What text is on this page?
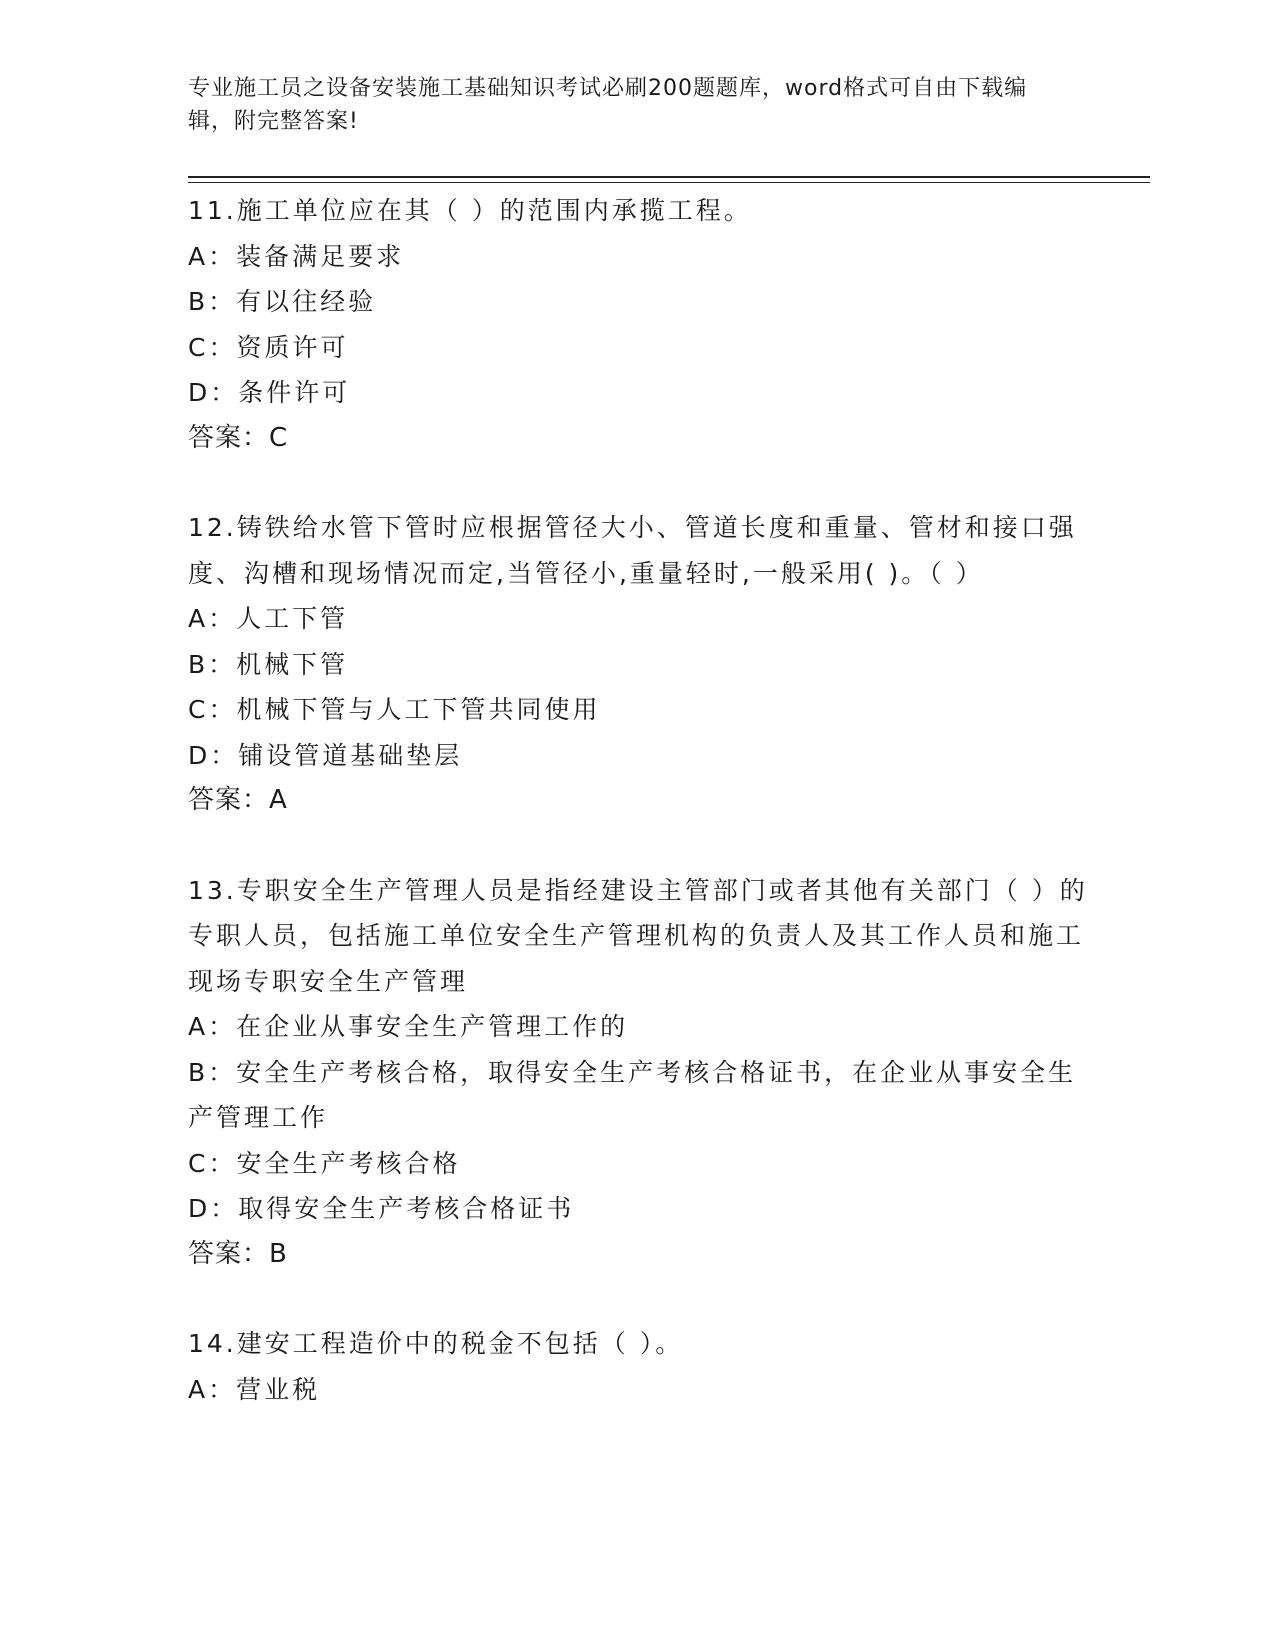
专业施工员之设备安装施工基础知识考试必刷200题题库，word格式可自由下载编辑，附完整答案!
11.施工单位应在其（ ）的范围内承揽工程。
A：装备满足要求
B：有以往经验
C：资质许可
D：条件许可
答案：C
12.铸铁给水管下管时应根据管径大小、管道长度和重量、管材和接口强度、沟槽和现场情况而定,当管径小,重量轻时,一般采用( )。（ ）
A：人工下管
B：机械下管
C：机械下管与人工下管共同使用
D：铺设管道基础垫层
答案：A
13.专职安全生产管理人员是指经建设主管部门或者其他有关部门（ ）的专职人员，包括施工单位安全生产管理机构的负责人及其工作人员和施工现场专职安全生产管理
A：在企业从事安全生产管理工作的
B：安全生产考核合格，取得安全生产考核合格证书，在企业从事安全生产管理工作
C：安全生产考核合格
D：取得安全生产考核合格证书
答案：B
14.建安工程造价中的税金不包括（ ）。
A：营业税
